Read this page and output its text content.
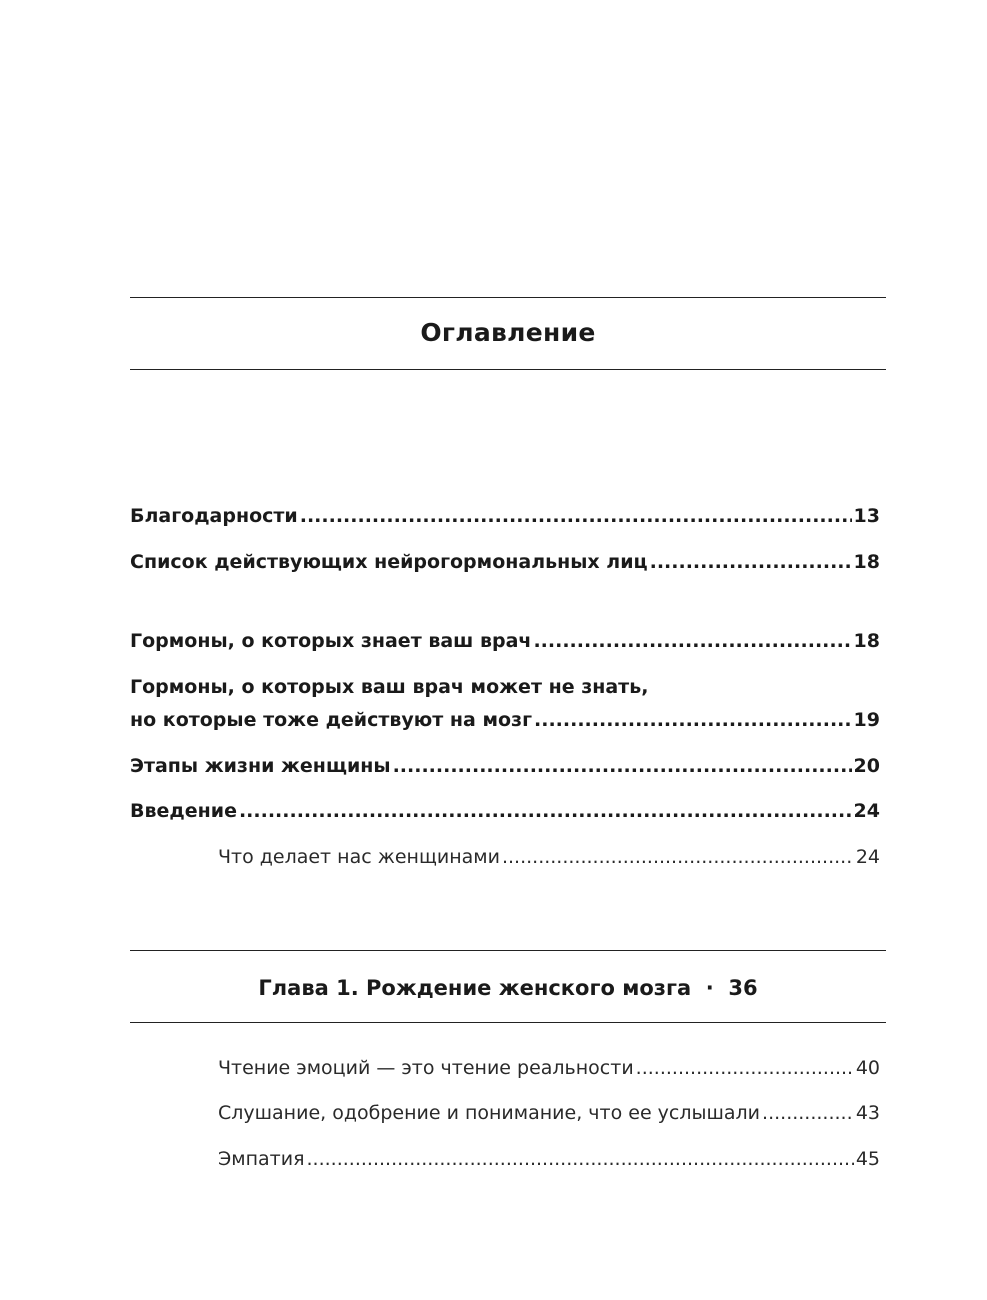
Оглавление
Благодарности .....	13
Список действующих нейрогормональных лиц .....	18
Гормоны, о которых знает ваш врач .....	18
Гормоны, о которых ваш врач может не знать,
но которые тоже действуют на мозг .....	19
Этапы жизни женщины .....	20
Введение .....	24
Что делает нас женщинами .....	24
Глава 1. Рождение женского мозга  ·  36
Чтение эмоций — это чтение реальности .....	40
Слушание, одобрение и понимание, что ее услышали .....	43
Эмпатия .....	45
